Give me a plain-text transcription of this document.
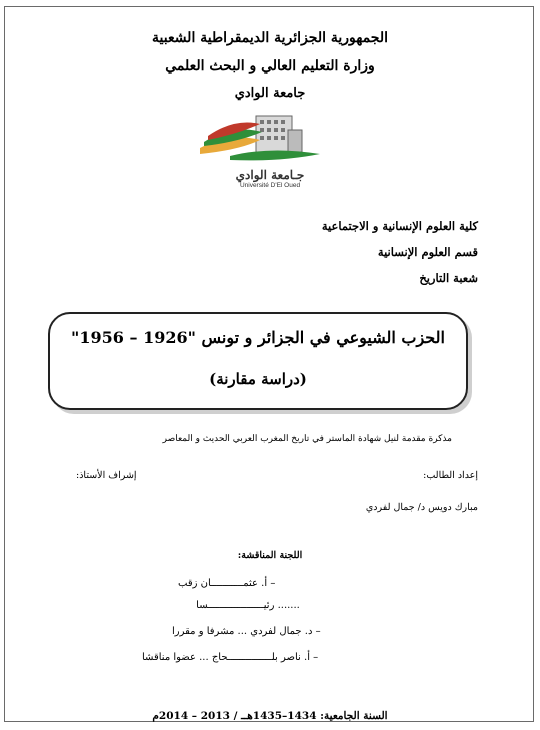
الجمهورية الجزائرية الديمقراطية الشعبية
وزارة التعليم العالي و البحث العلمي
جامعة الوادي
جـامعة الوادي
Université D'El Oued
كلية العلوم الإنسانية و الاجتماعية
قسم العلوم الإنسانية
شعبة التاريخ
الحزب الشيوعي في الجزائر و تونس "1926 – 1956"
(دراسة مقارنة)
مذكرة مقدمة لنيل شهادة الماستر في تاريخ المغرب العربي الحديث و المعاصر
إعداد الطالب:
إشراف الأستاذ:
مبارك دويس د/ جمال لفردي
اللجنة المناقشة:
– أ. عثمـــــــــــان زقب
....... رئيـــــــــــــــــــسا
– د. جمال لفردي ... مشرفا و مقررا
– أ. ناصر بلـــــــــــــــحاج ... عضوا مناقشا
السنة الجامعية: 1434–1435هــ / 2013 – 2014م
